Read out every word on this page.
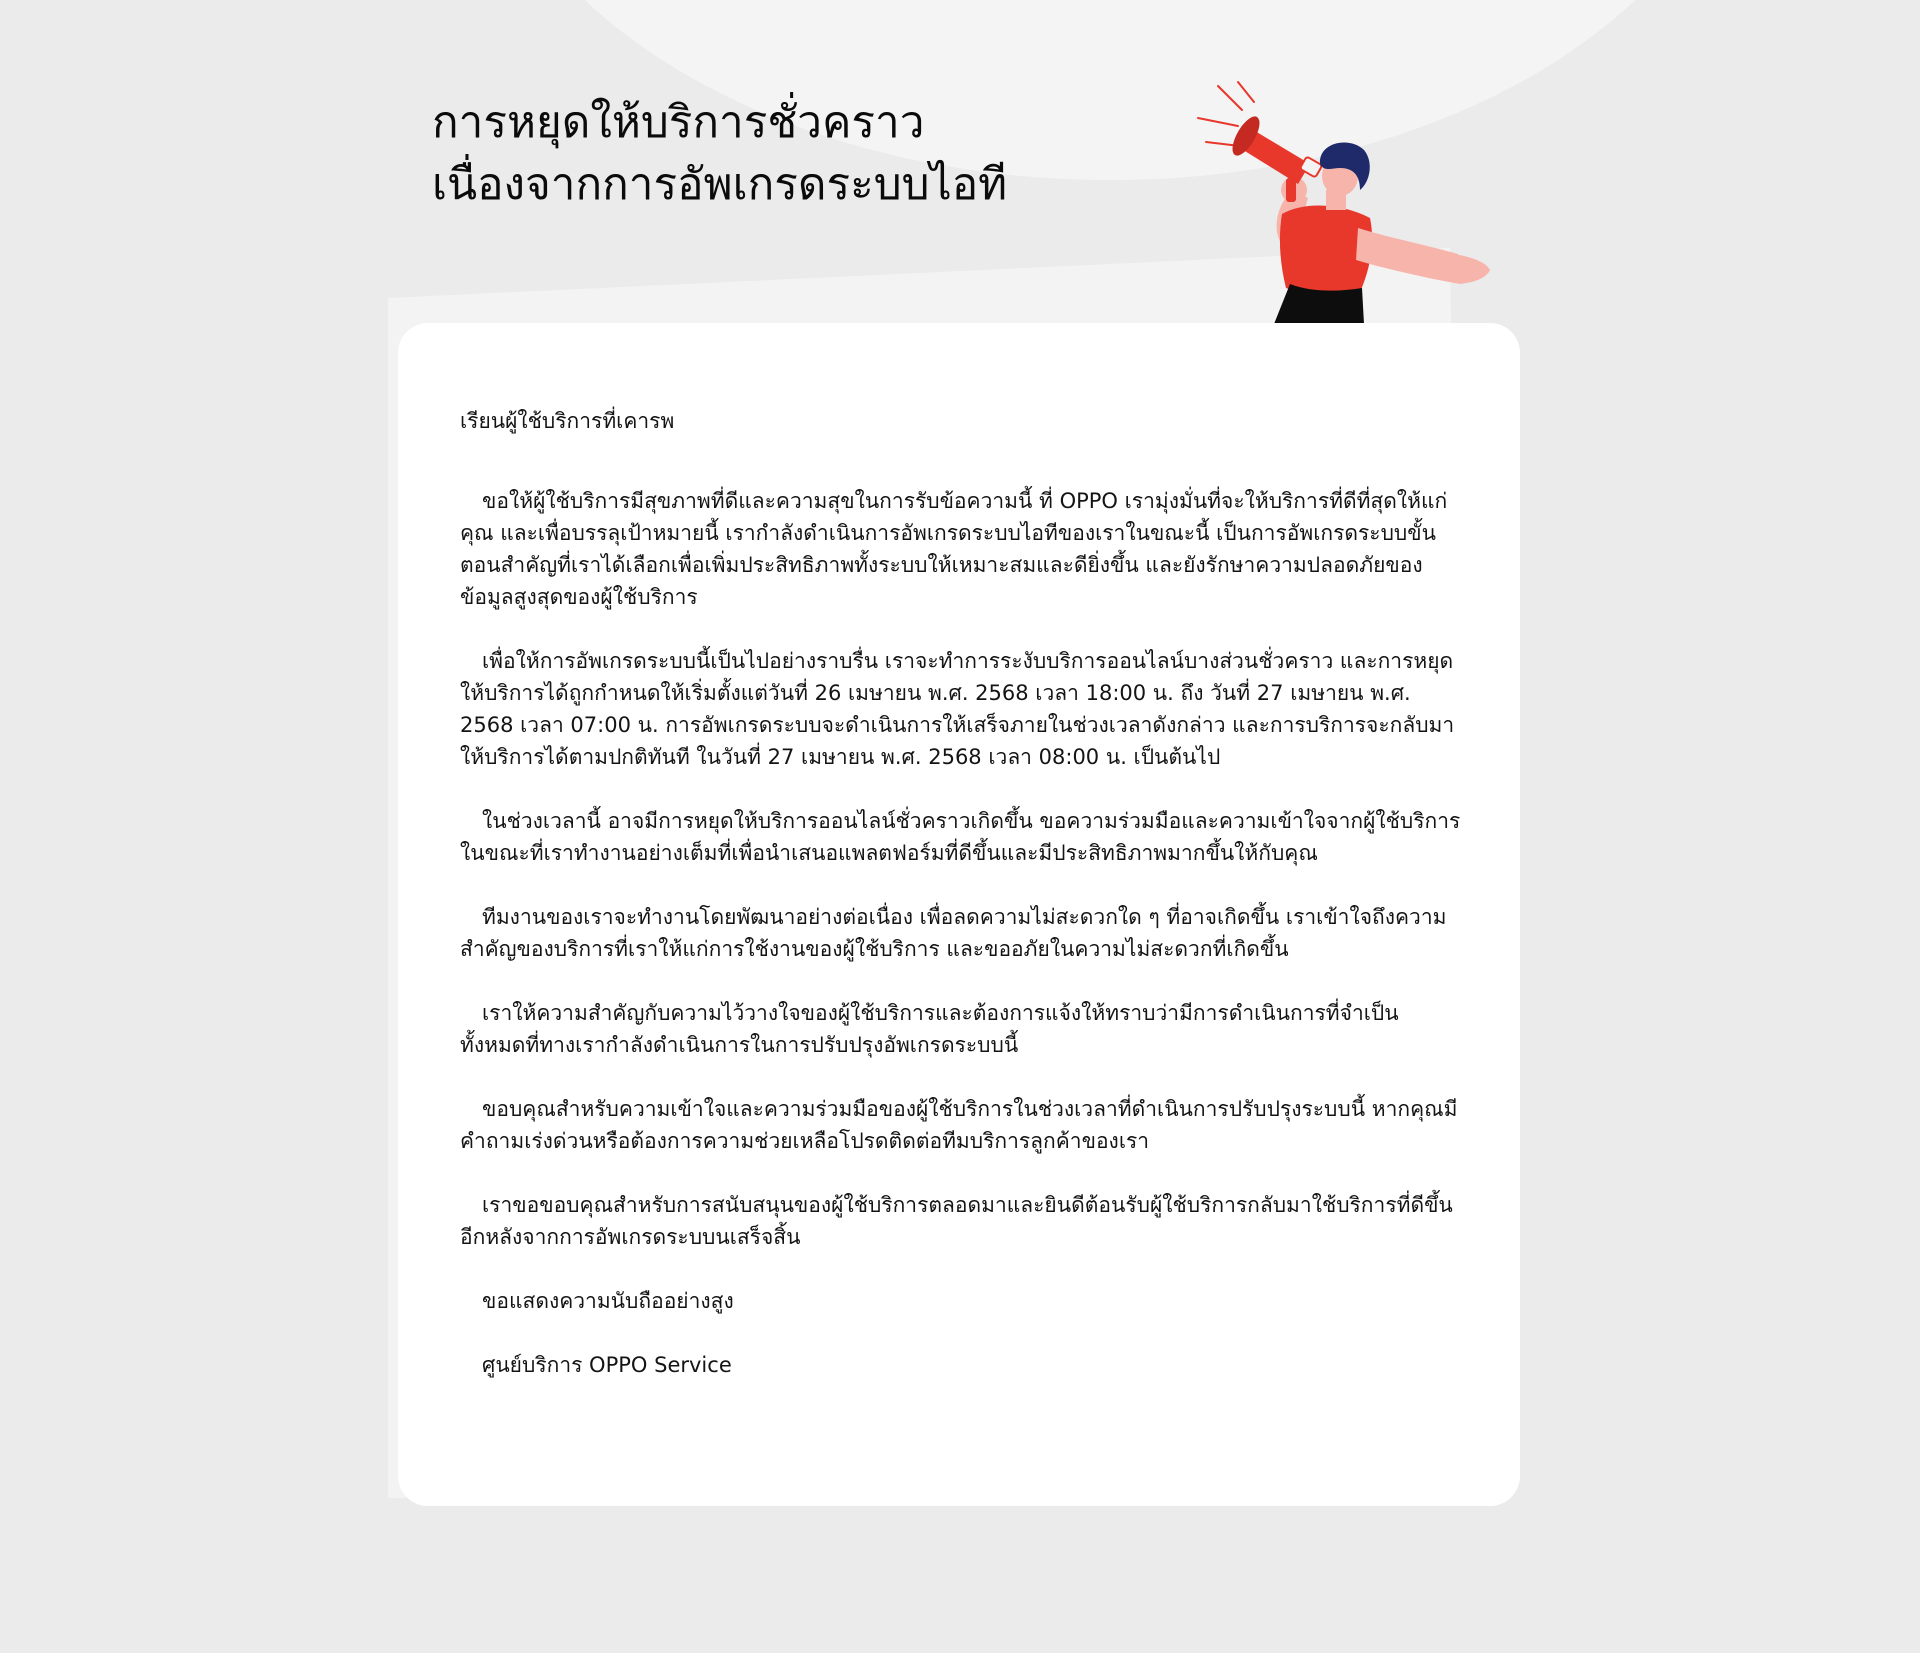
การหยุดให้บริการชั่วคราว
เนื่องจากการอัพเกรดระบบไอที

เรียนผู้ใช้บริการที่เคารพ

ขอให้ผู้ใช้บริการมีสุขภาพที่ดีและความสุขในการรับข้อความนี้ ที่ OPPO เรามุ่งมั่นที่จะให้บริการที่ดีที่สุดให้แก่คุณ และเพื่อบรรลุเป้าหมายนี้ เรากำลังดำเนินการอัพเกรดระบบไอทีของเราในขณะนี้ เป็นการอัพเกรดระบบขั้นตอนสำคัญที่เราได้เลือกเพื่อเพิ่มประสิทธิภาพทั้งระบบให้เหมาะสมและดียิ่งขึ้น และยังรักษาความปลอดภัยของข้อมูลสูงสุดของผู้ใช้บริการ

เพื่อให้การอัพเกรดระบบนี้เป็นไปอย่างราบรื่น เราจะทำการระงับบริการออนไลน์บางส่วนชั่วคราว และการหยุดให้บริการได้ถูกกำหนดให้เริ่มตั้งแต่วันที่ 26 เมษายน พ.ศ. 2568 เวลา 18:00 น. ถึง วันที่ 27 เมษายน พ.ศ. 2568 เวลา 07:00 น. การอัพเกรดระบบจะดำเนินการให้เสร็จภายในช่วงเวลาดังกล่าว และการบริการจะกลับมาให้บริการได้ตามปกติทันที ในวันที่ 27 เมษายน พ.ศ. 2568 เวลา 08:00 น. เป็นต้นไป

ในช่วงเวลานี้ อาจมีการหยุดให้บริการออนไลน์ชั่วคราวเกิดขึ้น ขอความร่วมมือและความเข้าใจจากผู้ใช้บริการ ในขณะที่เราทำงานอย่างเต็มที่เพื่อนำเสนอแพลตฟอร์มที่ดีขึ้นและมีประสิทธิภาพมากขึ้นให้กับคุณ

ทีมงานของเราจะทำงานโดยพัฒนาอย่างต่อเนื่อง เพื่อลดความไม่สะดวกใด ๆ ที่อาจเกิดขึ้น เราเข้าใจถึงความสำคัญของบริการที่เราให้แก่การใช้งานของผู้ใช้บริการ และขออภัยในความไม่สะดวกที่เกิดขึ้น

เราให้ความสำคัญกับความไว้วางใจของผู้ใช้บริการและต้องการแจ้งให้ทราบว่ามีการดำเนินการที่จำเป็นทั้งหมดที่ทางเรากำลังดำเนินการในการปรับปรุงอัพเกรดระบบนี้

ขอบคุณสำหรับความเข้าใจและความร่วมมือของผู้ใช้บริการในช่วงเวลาที่ดำเนินการปรับปรุงระบบนี้ หากคุณมีคำถามเร่งด่วนหรือต้องการความช่วยเหลือโปรดติดต่อทีมบริการลูกค้าของเรา

เราขอขอบคุณสำหรับการสนับสนุนของผู้ใช้บริการตลอดมาและยินดีต้อนรับผู้ใช้บริการกลับมาใช้บริการที่ดีขึ้นอีกหลังจากการอัพเกรดระบบนเสร็จสิ้น

ขอแสดงความนับถืออย่างสูง

ศูนย์บริการ OPPO Service
